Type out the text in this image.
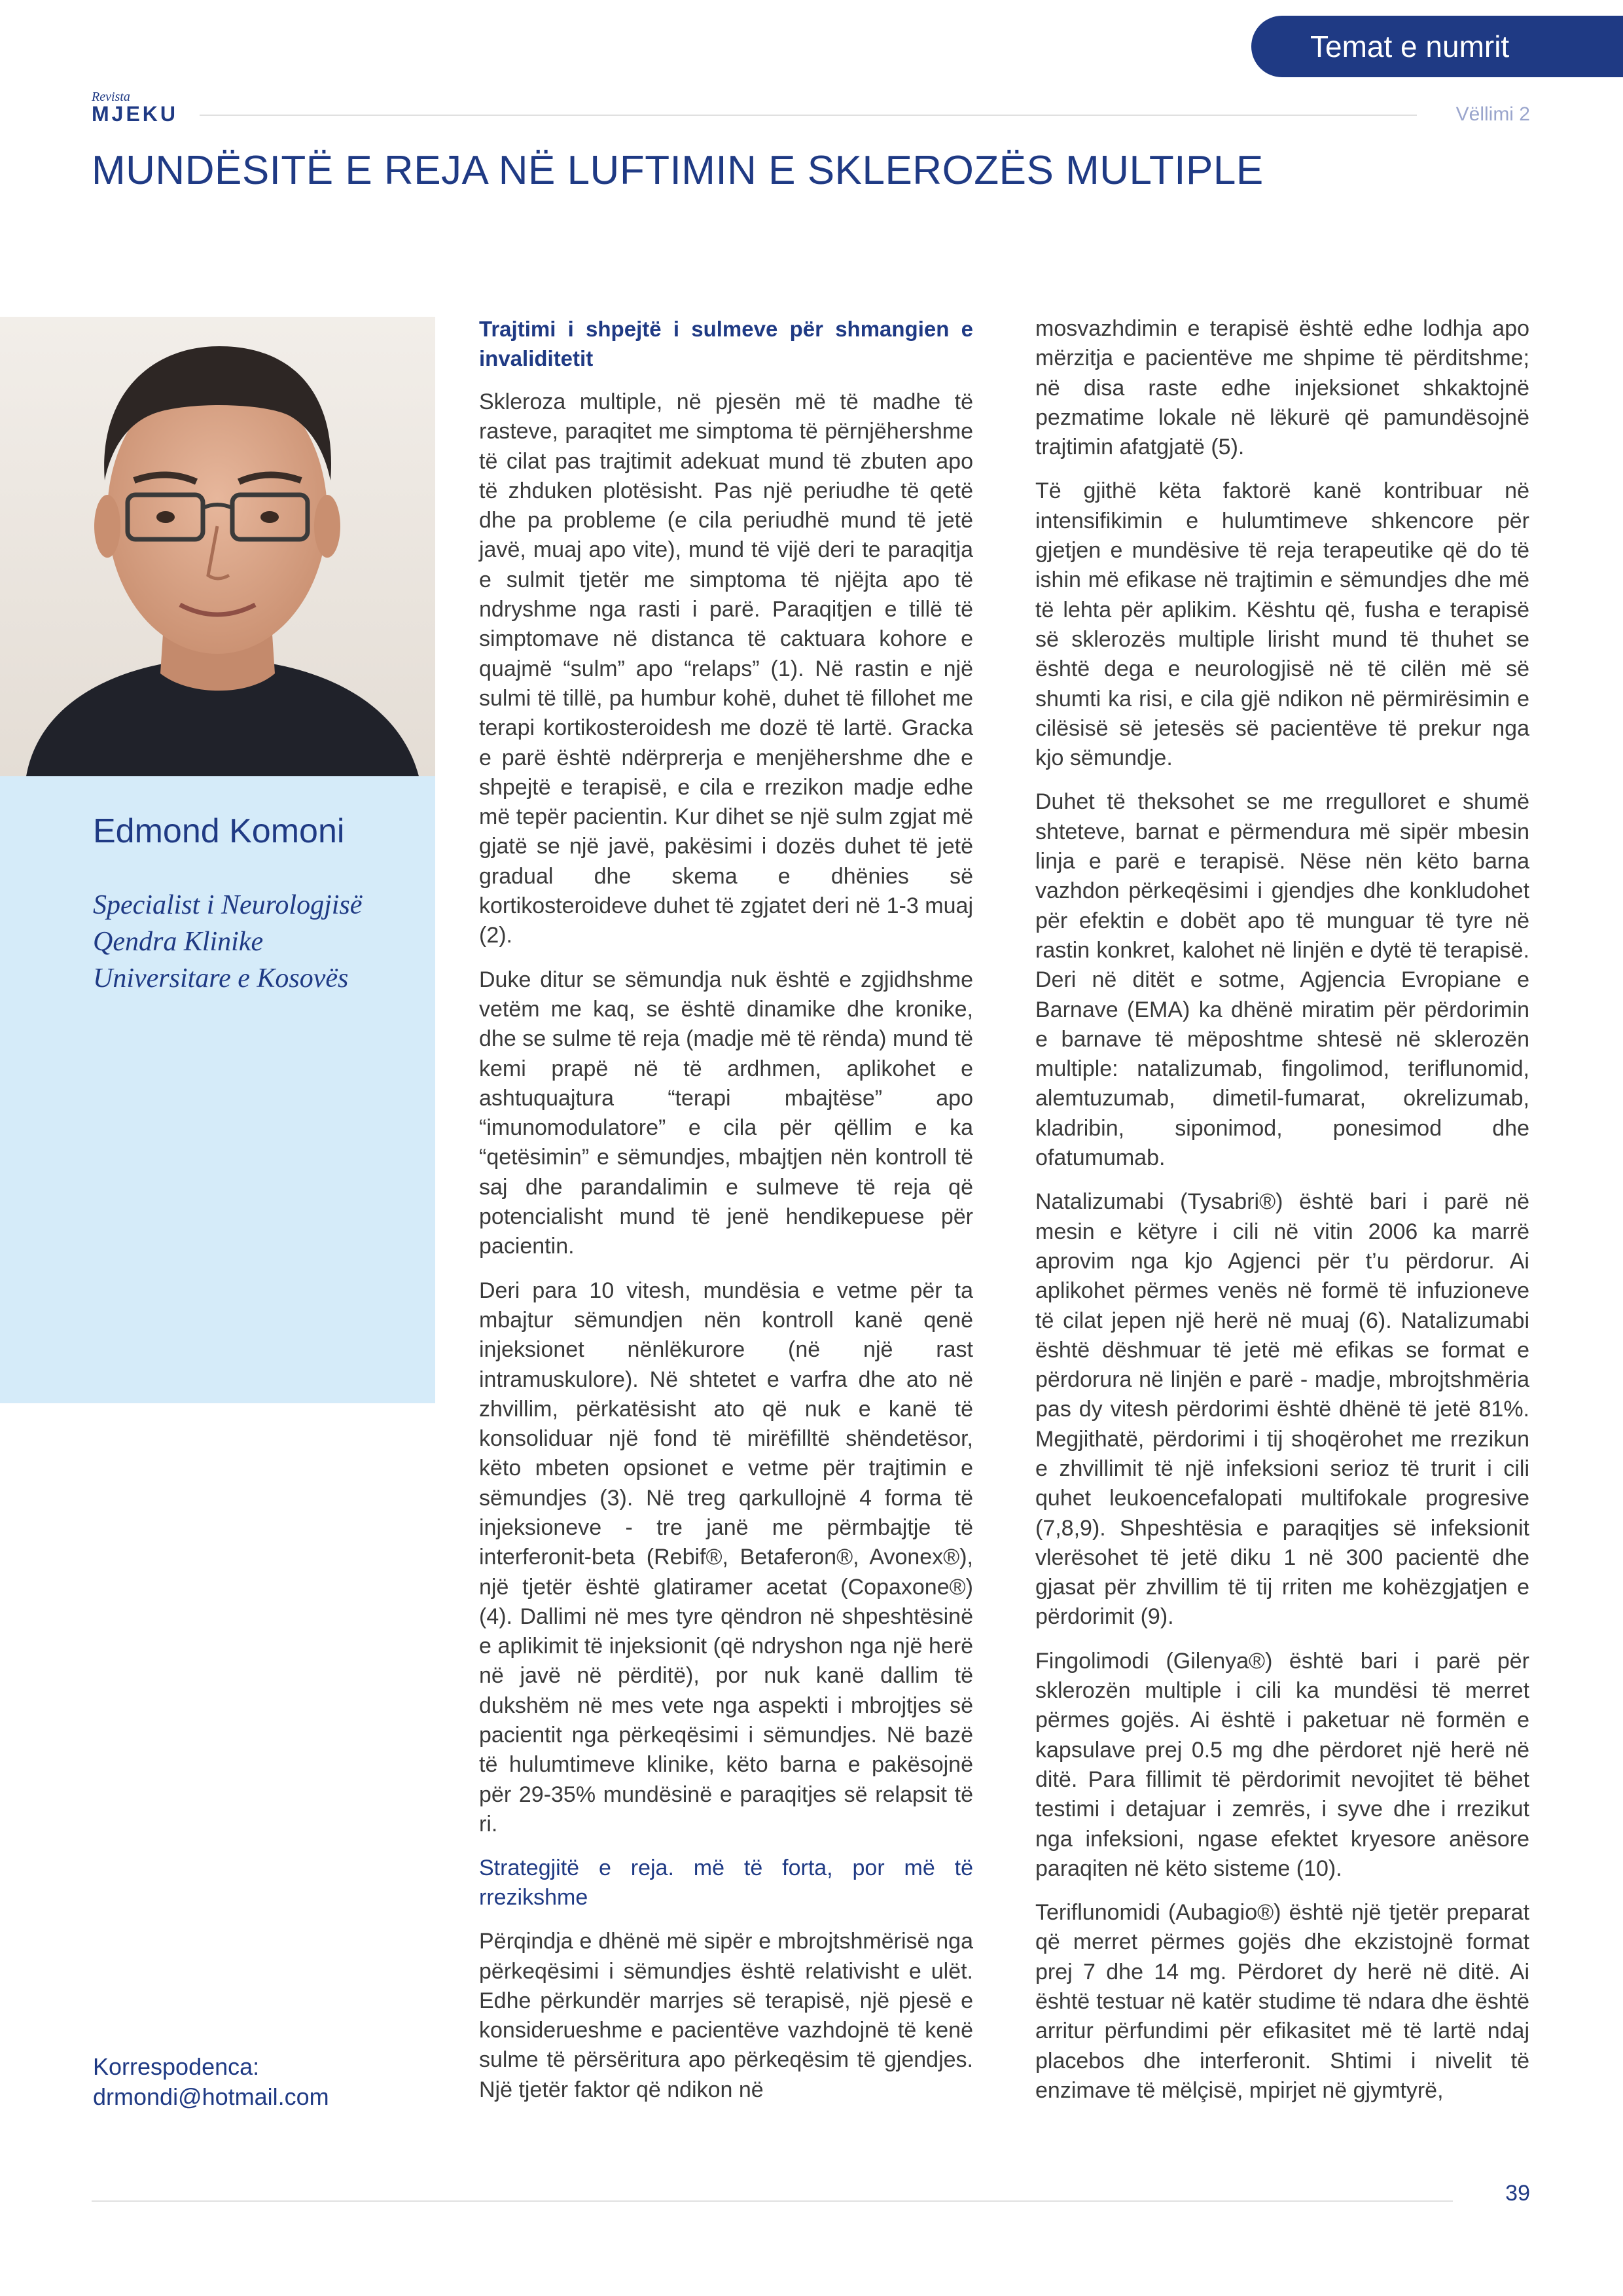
Temat e numrit
Revista
MJEKU	Vëllimi 2
MUNDËSITË E REJA NË LUFTIMIN E SKLEROZËS MULTIPLE
Edmond Komoni
Specialist i Neurologjisë
Qendra Klinike
Universitare e Kosovës
Korrespodenca:
drmondi@hotmail.com
Trajtimi i shpejtë i sulmeve për shmangien e invaliditetit

Skleroza multiple, në pjesën më të madhe të rasteve, paraqitet me simptoma të përnjëhershme të cilat pas trajtimit adekuat mund të zbuten apo të zhduken plotësisht. Pas një periudhe të qetë dhe pa probleme (e cila periudhë mund të jetë javë, muaj apo vite), mund të vijë deri te paraqitja e sulmit tjetër me simptoma të njëjta apo të ndryshme nga rasti i parë. Paraqitjen e tillë të simptomave në distanca të caktuara kohore e quajmë “sulm” apo “relaps” (1). Në rastin e një sulmi të tillë, pa humbur kohë, duhet të fillohet me terapi kortikosteroidesh me dozë të lartë. Gracka e parë është ndërprerja e menjëhershme dhe e shpejtë e terapisë, e cila e rrezikon madje edhe më tepër pacientin. Kur dihet se një sulm zgjat më gjatë se një javë, pakësimi i dozës duhet të jetë gradual dhe skema e dhënies së kortikosteroideve duhet të zgjatet deri në 1-3 muaj (2).

Duke ditur se sëmundja nuk është e zgjidhshme vetëm me kaq, se është dinamike dhe kronike, dhe se sulme të reja (madje më të rënda) mund të kemi prapë në të ardhmen, aplikohet e ashtuquajtura “terapi mbajtëse” apo “imunomodulatore” e cila për qëllim e ka “qetësimin” e sëmundjes, mbajtjen nën kontroll të saj dhe parandalimin e sulmeve të reja që potencialisht mund të jenë hendikepuese për pacientin.

Deri para 10 vitesh, mundësia e vetme për ta mbajtur sëmundjen nën kontroll kanë qenë injeksionet nënlëkurore (në një rast intramuskulore). Në shtetet e varfra dhe ato në zhvillim, përkatësisht ato që nuk e kanë të konsoliduar një fond të mirëfilltë shëndetësor, këto mbeten opsionet e vetme për trajtimin e sëmundjes (3). Në treg qarkullojnë 4 forma të injeksioneve - tre janë me përmbajtje të interferonit-beta (Rebif®, Betaferon®, Avonex®), një tjetër është glatiramer acetat (Copaxone®) (4). Dallimi në mes tyre qëndron në shpeshtësinë e aplikimit të injeksionit (që ndryshon nga një herë në javë në përditë), por nuk kanë dallim të dukshëm në mes vete nga aspekti i mbrojtjes së pacientit nga përkeqësimi i sëmundjes. Në bazë të hulumtimeve klinike, këto barna e pakësojnë për 29-35% mundësinë e paraqitjes së relapsit të ri.

Strategjitë e reja. më të forta, por më të rrezikshme

Përqindja e dhënë më sipër e mbrojtshmërisë nga përkeqësimi i sëmundjes është relativisht e ulët. Edhe përkundër marrjes së terapisë, një pjesë e konsiderueshme e pacientëve vazhdojnë të kenë sulme të përsëritura apo përkeqësim të gjendjes. Një tjetër faktor që ndikon në

mosvazhdimin e terapisë është edhe lodhja apo mërzitja e pacientëve me shpime të përditshme; në disa raste edhe injeksionet shkaktojnë pezmatime lokale në lëkurë që pamundësojnë trajtimin afatgjatë (5).

Të gjithë këta faktorë kanë kontribuar në intensifikimin e hulumtimeve shkencore për gjetjen e mundësive të reja terapeutike që do të ishin më efikase në trajtimin e sëmundjes dhe më të lehta për aplikim. Kështu që, fusha e terapisë së sklerozës multiple lirisht mund të thuhet se është dega e neurologjisë në të cilën më së shumti ka risi, e cila gjë ndikon në përmirësimin e cilësisë së jetesës së pacientëve të prekur nga kjo sëmundje.

Duhet të theksohet se me rregulloret e shumë shteteve, barnat e përmendura më sipër mbesin linja e parë e terapisë. Nëse nën këto barna vazhdon përkeqësimi i gjendjes dhe konkludohet për efektin e dobët apo të munguar të tyre në rastin konkret, kalohet në linjën e dytë të terapisë. Deri në ditët e sotme, Agjencia Evropiane e Barnave (EMA) ka dhënë miratim për përdorimin e barnave të mëposhtme shtesë në sklerozën multiple: natalizumab, fingolimod, teriflunomid, alemtuzumab, dimetil-fumarat, okrelizumab, kladribin, siponimod, ponesimod dhe ofatumumab.

Natalizumabi (Tysabri®) është bari i parë në mesin e këtyre i cili në vitin 2006 ka marrë aprovim nga kjo Agjenci për t’u përdorur. Ai aplikohet përmes venës në formë të infuzioneve të cilat jepen një herë në muaj (6). Natalizumabi është dëshmuar të jetë më efikas se format e përdorura në linjën e parë - madje, mbrojtshmëria pas dy vitesh përdorimi është dhënë të jetë 81%. Megjithatë, përdorimi i tij shoqërohet me rrezikun e zhvillimit të një infeksioni serioz të trurit i cili quhet leukoencefalopati multifokale progresive (7,8,9). Shpeshtësia e paraqitjes së infeksionit vlerësohet të jetë diku 1 në 300 pacientë dhe gjasat për zhvillim të tij rriten me kohëzgjatjen e përdorimit (9).

Fingolimodi (Gilenya®) është bari i parë për sklerozën multiple i cili ka mundësi të merret përmes gojës. Ai është i paketuar në formën e kapsulave prej 0.5 mg dhe përdoret një herë në ditë. Para fillimit të përdorimit nevojitet të bëhet testimi i detajuar i zemrës, i syve dhe i rrezikut nga infeksioni, ngase efektet kryesore anësore paraqiten në këto sisteme (10).

Teriflunomidi (Aubagio®) është një tjetër preparat që merret përmes gojës dhe ekzistojnë format prej 7 dhe 14 mg. Përdoret dy herë në ditë. Ai është testuar në katër studime të ndara dhe është arritur përfundimi për efikasitet më të lartë ndaj placebos dhe interferonit. Shtimi i nivelit të enzimave të mëlçisë, mpirjet në gjymtyrë,

39
